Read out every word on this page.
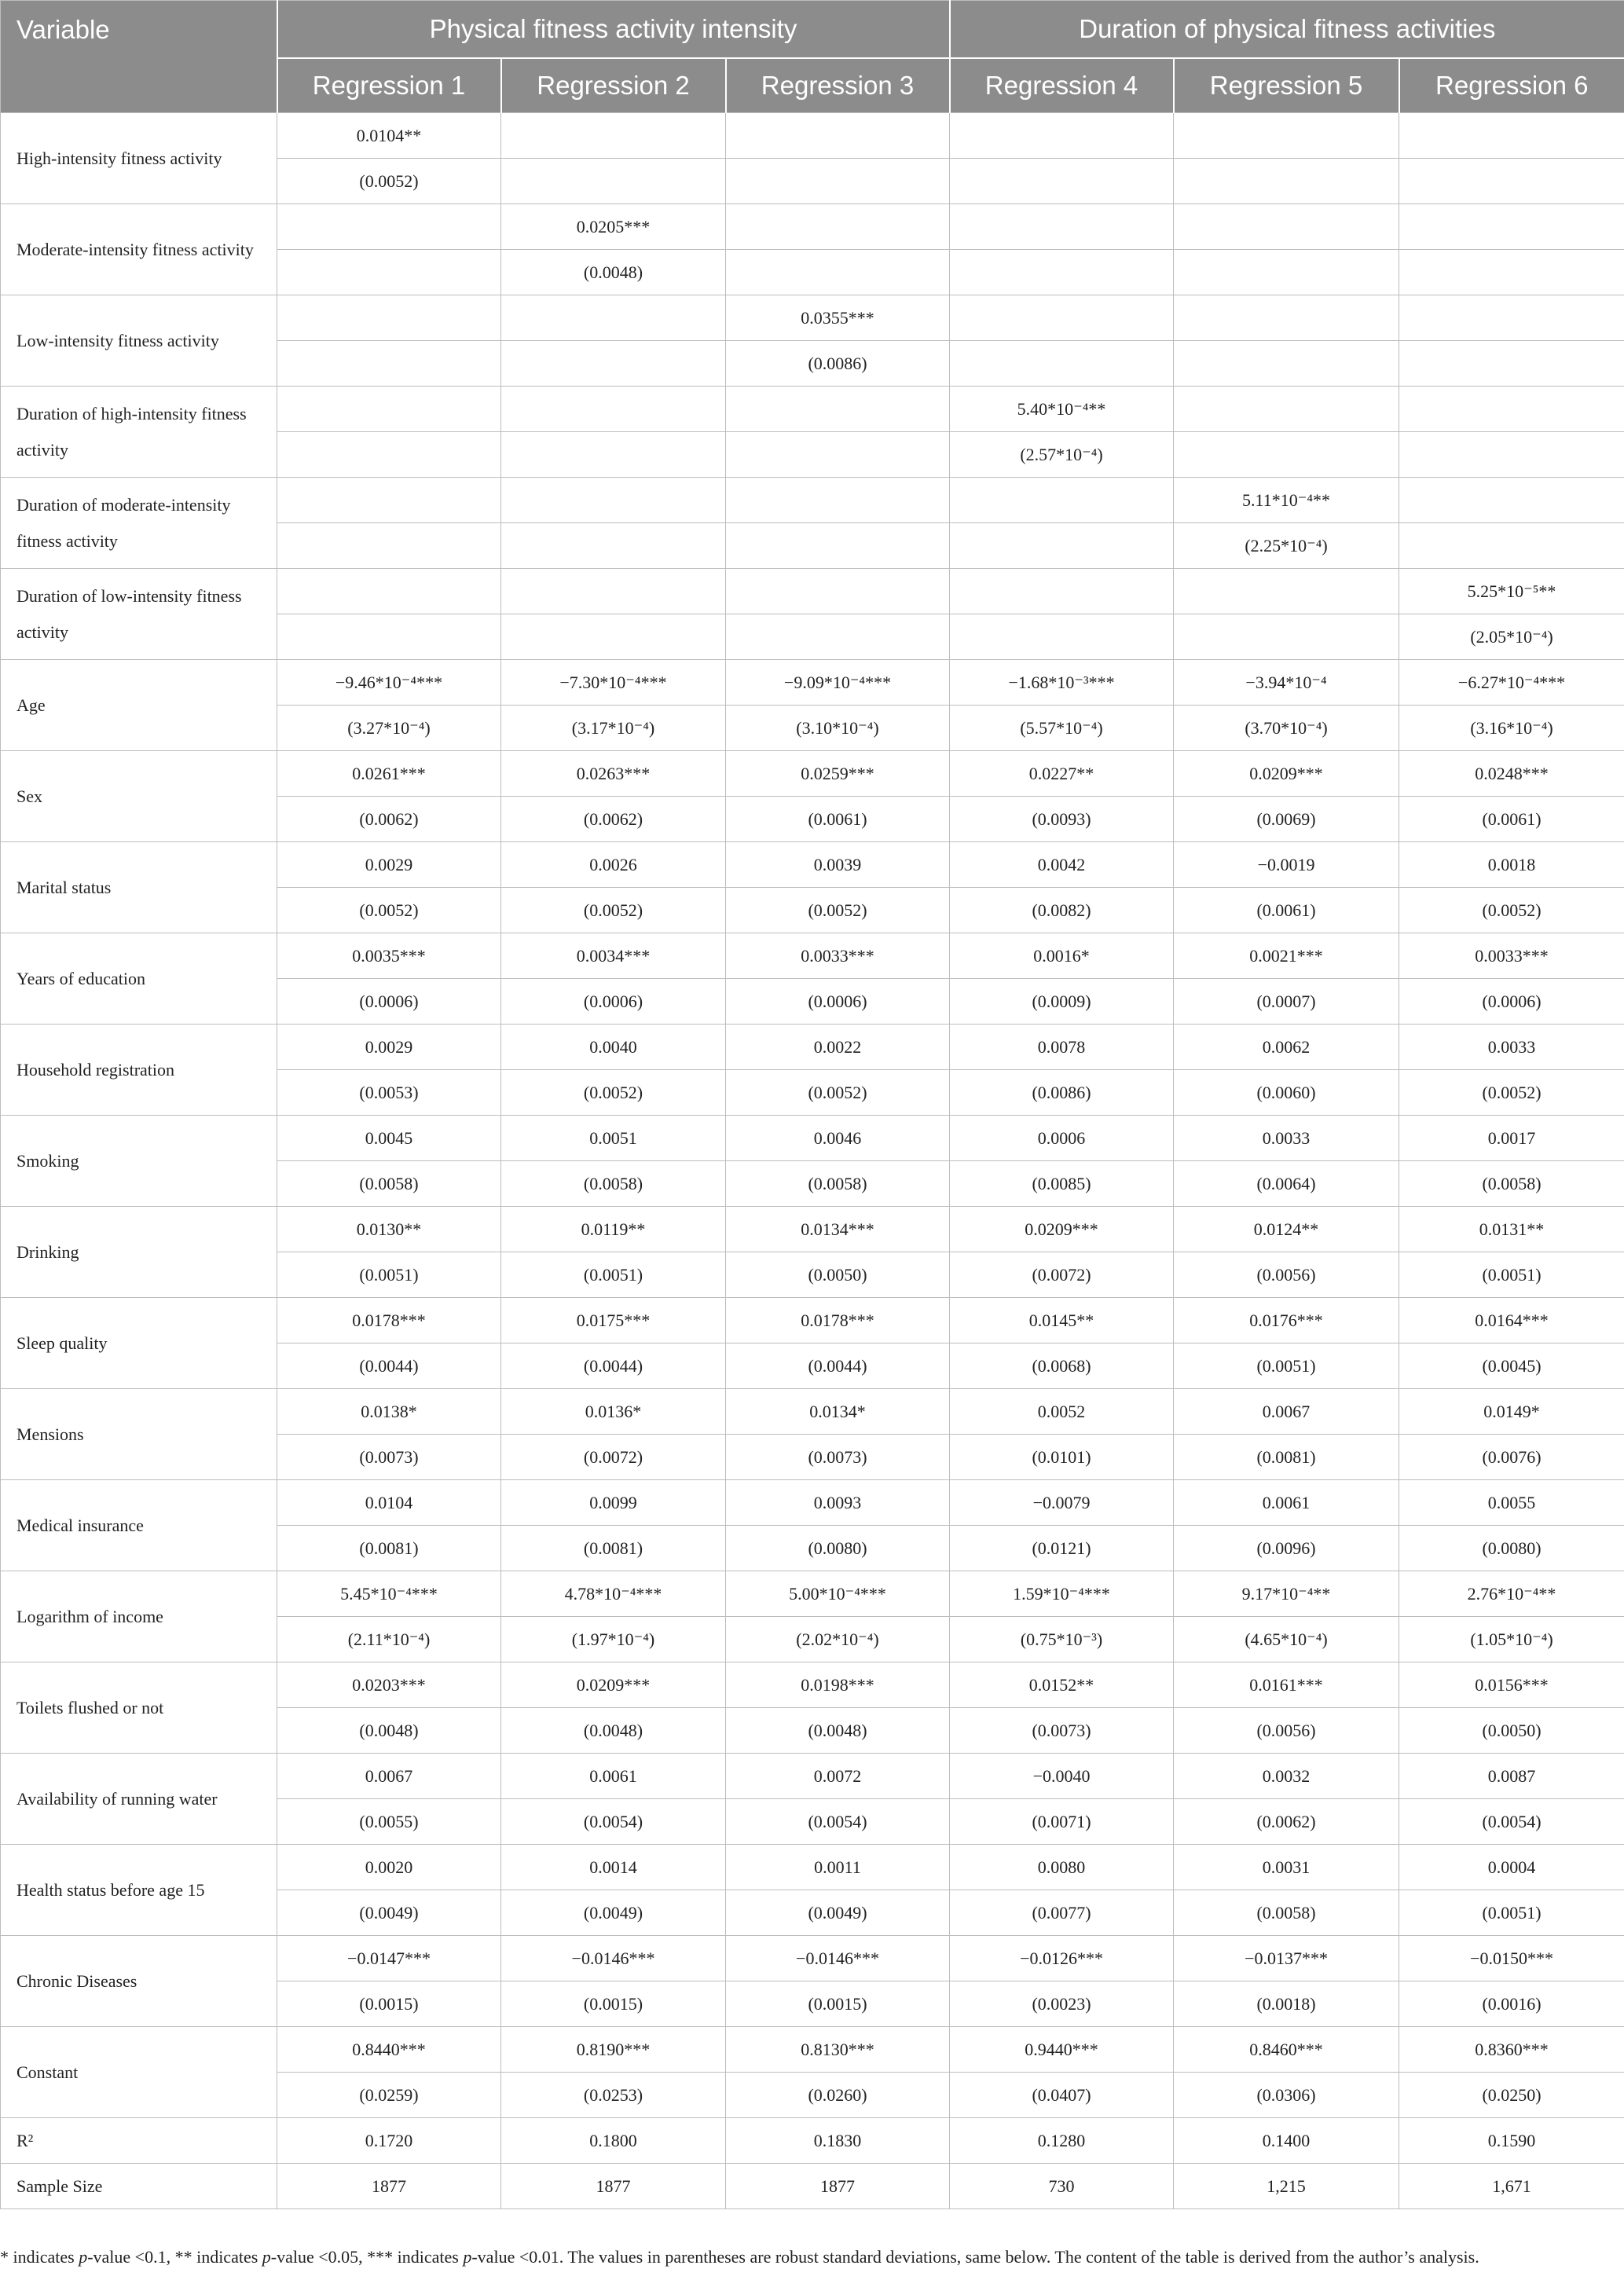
Variable	Physical fitness activity intensity			Duration of physical fitness activities		
	Regression 1	Regression 2	Regression 3	Regression 4	Regression 5	Regression 6
High-intensity fitness activity	0.0104**					
	(0.0052)					
Moderate-intensity fitness activity		0.0205***				
		(0.0048)				
Low-intensity fitness activity			0.0355***			
			(0.0086)			
Duration of high-intensity fitness activity				5.40*10⁻⁴**		
				(2.57*10⁻⁴)		
Duration of moderate-intensity fitness activity					5.11*10⁻⁴**	
					(2.25*10⁻⁴)	
Duration of low-intensity fitness activity						5.25*10⁻⁵**
						(2.05*10⁻⁴)
Age	−9.46*10⁻⁴***	−7.30*10⁻⁴***	−9.09*10⁻⁴***	−1.68*10⁻³***	−3.94*10⁻⁴	−6.27*10⁻⁴***
	(3.27*10⁻⁴)	(3.17*10⁻⁴)	(3.10*10⁻⁴)	(5.57*10⁻⁴)	(3.70*10⁻⁴)	(3.16*10⁻⁴)
Sex	0.0261***	0.0263***	0.0259***	0.0227**	0.0209***	0.0248***
	(0.0062)	(0.0062)	(0.0061)	(0.0093)	(0.0069)	(0.0061)
Marital status	0.0029	0.0026	0.0039	0.0042	−0.0019	0.0018
	(0.0052)	(0.0052)	(0.0052)	(0.0082)	(0.0061)	(0.0052)
Years of education	0.0035***	0.0034***	0.0033***	0.0016*	0.0021***	0.0033***
	(0.0006)	(0.0006)	(0.0006)	(0.0009)	(0.0007)	(0.0006)
Household registration	0.0029	0.0040	0.0022	0.0078	0.0062	0.0033
	(0.0053)	(0.0052)	(0.0052)	(0.0086)	(0.0060)	(0.0052)
Smoking	0.0045	0.0051	0.0046	0.0006	0.0033	0.0017
	(0.0058)	(0.0058)	(0.0058)	(0.0085)	(0.0064)	(0.0058)
Drinking	0.0130**	0.0119**	0.0134***	0.0209***	0.0124**	0.0131**
	(0.0051)	(0.0051)	(0.0050)	(0.0072)	(0.0056)	(0.0051)
Sleep quality	0.0178***	0.0175***	0.0178***	0.0145**	0.0176***	0.0164***
	(0.0044)	(0.0044)	(0.0044)	(0.0068)	(0.0051)	(0.0045)
Mensions	0.0138*	0.0136*	0.0134*	0.0052	0.0067	0.0149*
	(0.0073)	(0.0072)	(0.0073)	(0.0101)	(0.0081)	(0.0076)
Medical insurance	0.0104	0.0099	0.0093	−0.0079	0.0061	0.0055
	(0.0081)	(0.0081)	(0.0080)	(0.0121)	(0.0096)	(0.0080)
Logarithm of income	5.45*10⁻⁴***	4.78*10⁻⁴***	5.00*10⁻⁴***	1.59*10⁻⁴***	9.17*10⁻⁴**	2.76*10⁻⁴**
	(2.11*10⁻⁴)	(1.97*10⁻⁴)	(2.02*10⁻⁴)	(0.75*10⁻³)	(4.65*10⁻⁴)	(1.05*10⁻⁴)
Toilets flushed or not	0.0203***	0.0209***	0.0198***	0.0152**	0.0161***	0.0156***
	(0.0048)	(0.0048)	(0.0048)	(0.0073)	(0.0056)	(0.0050)
Availability of running water	0.0067	0.0061	0.0072	−0.0040	0.0032	0.0087
	(0.0055)	(0.0054)	(0.0054)	(0.0071)	(0.0062)	(0.0054)
Health status before age 15	0.0020	0.0014	0.0011	0.0080	0.0031	0.0004
	(0.0049)	(0.0049)	(0.0049)	(0.0077)	(0.0058)	(0.0051)
Chronic Diseases	−0.0147***	−0.0146***	−0.0146***	−0.0126***	−0.0137***	−0.0150***
	(0.0015)	(0.0015)	(0.0015)	(0.0023)	(0.0018)	(0.0016)
Constant	0.8440***	0.8190***	0.8130***	0.9440***	0.8460***	0.8360***
	(0.0259)	(0.0253)	(0.0260)	(0.0407)	(0.0306)	(0.0250)
R²	0.1720	0.1800	0.1830	0.1280	0.1400	0.1590
Sample Size	1877	1877	1877	730	1,215	1,671
* indicates p-value <0.1, ** indicates p-value <0.05, *** indicates p-value <0.01. The values in parentheses are robust standard deviations, same below. The content of the table is derived from the author’s analysis.
